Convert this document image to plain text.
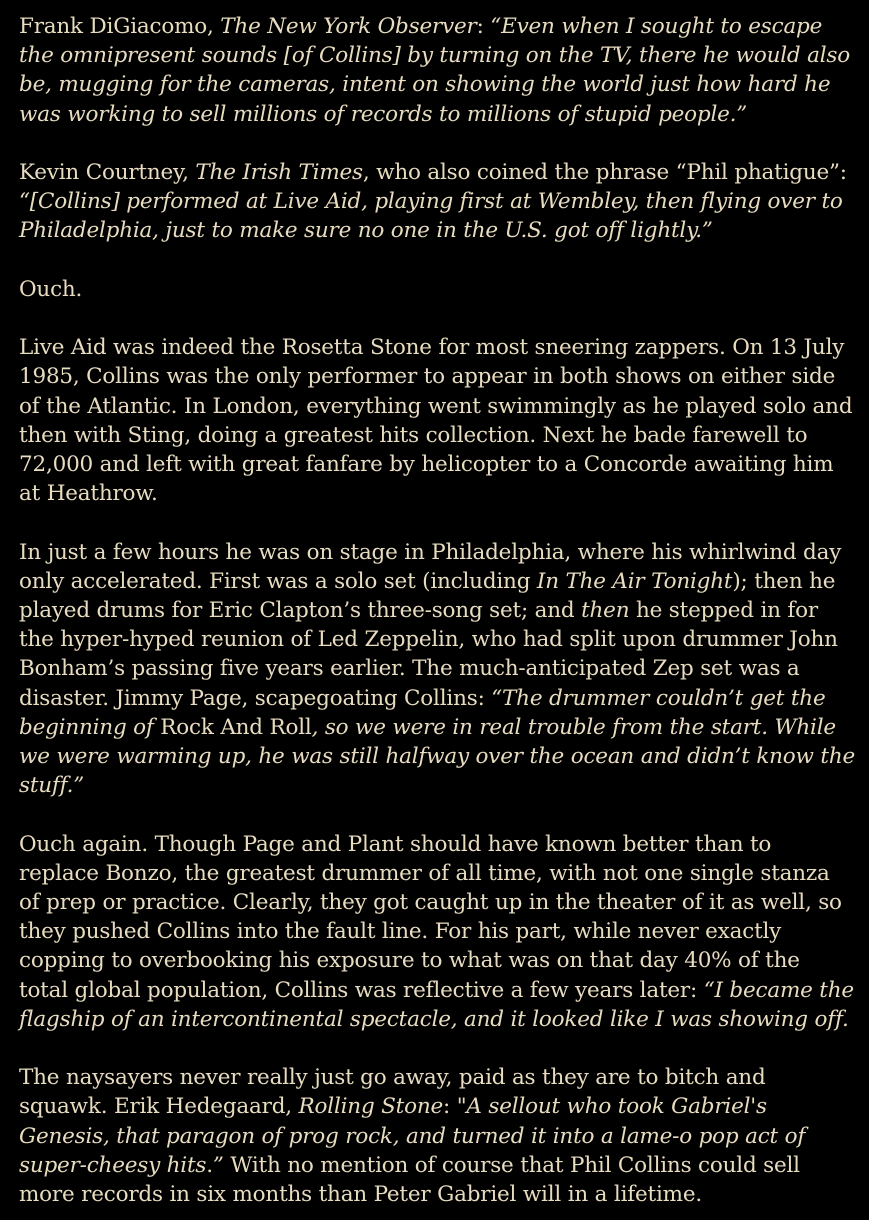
Frank DiGiacomo, The New York Observer: “Even when I sought to escape the omnipresent sounds [of Collins] by turning on the TV, there he would also be, mugging for the cameras, intent on showing the world just how hard he was working to sell millions of records to millions of stupid people.”

Kevin Courtney, The Irish Times, who also coined the phrase “Phil phatigue”: “[Collins] performed at Live Aid, playing first at Wembley, then flying over to Philadelphia, just to make sure no one in the U.S. got off lightly.”

Ouch.

Live Aid was indeed the Rosetta Stone for most sneering zappers. On 13 July 1985, Collins was the only performer to appear in both shows on either side of the Atlantic. In London, everything went swimmingly as he played solo and then with Sting, doing a greatest hits collection. Next he bade farewell to 72,000 and left with great fanfare by helicopter to a Concorde awaiting him at Heathrow.

In just a few hours he was on stage in Philadelphia, where his whirlwind day only accelerated. First was a solo set (including In The Air Tonight); then he played drums for Eric Clapton’s three-song set; and then he stepped in for the hyper-hyped reunion of Led Zeppelin, who had split upon drummer John Bonham’s passing five years earlier. The much-anticipated Zep set was a disaster. Jimmy Page, scapegoating Collins: “The drummer couldn’t get the beginning of Rock And Roll, so we were in real trouble from the start. While we were warming up, he was still halfway over the ocean and didn’t know the stuff.”

Ouch again. Though Page and Plant should have known better than to replace Bonzo, the greatest drummer of all time, with not one single stanza of prep or practice. Clearly, they got caught up in the theater of it as well, so they pushed Collins into the fault line. For his part, while never exactly copping to overbooking his exposure to what was on that day 40% of the total global population, Collins was reflective a few years later: “I became the flagship of an intercontinental spectacle, and it looked like I was showing off.

The naysayers never really just go away, paid as they are to bitch and squawk. Erik Hedegaard, Rolling Stone: "A sellout who took Gabriel's Genesis, that paragon of prog rock, and turned it into a lame-o pop act of super-cheesy hits.” With no mention of course that Phil Collins could sell more records in six months than Peter Gabriel will in a lifetime.
